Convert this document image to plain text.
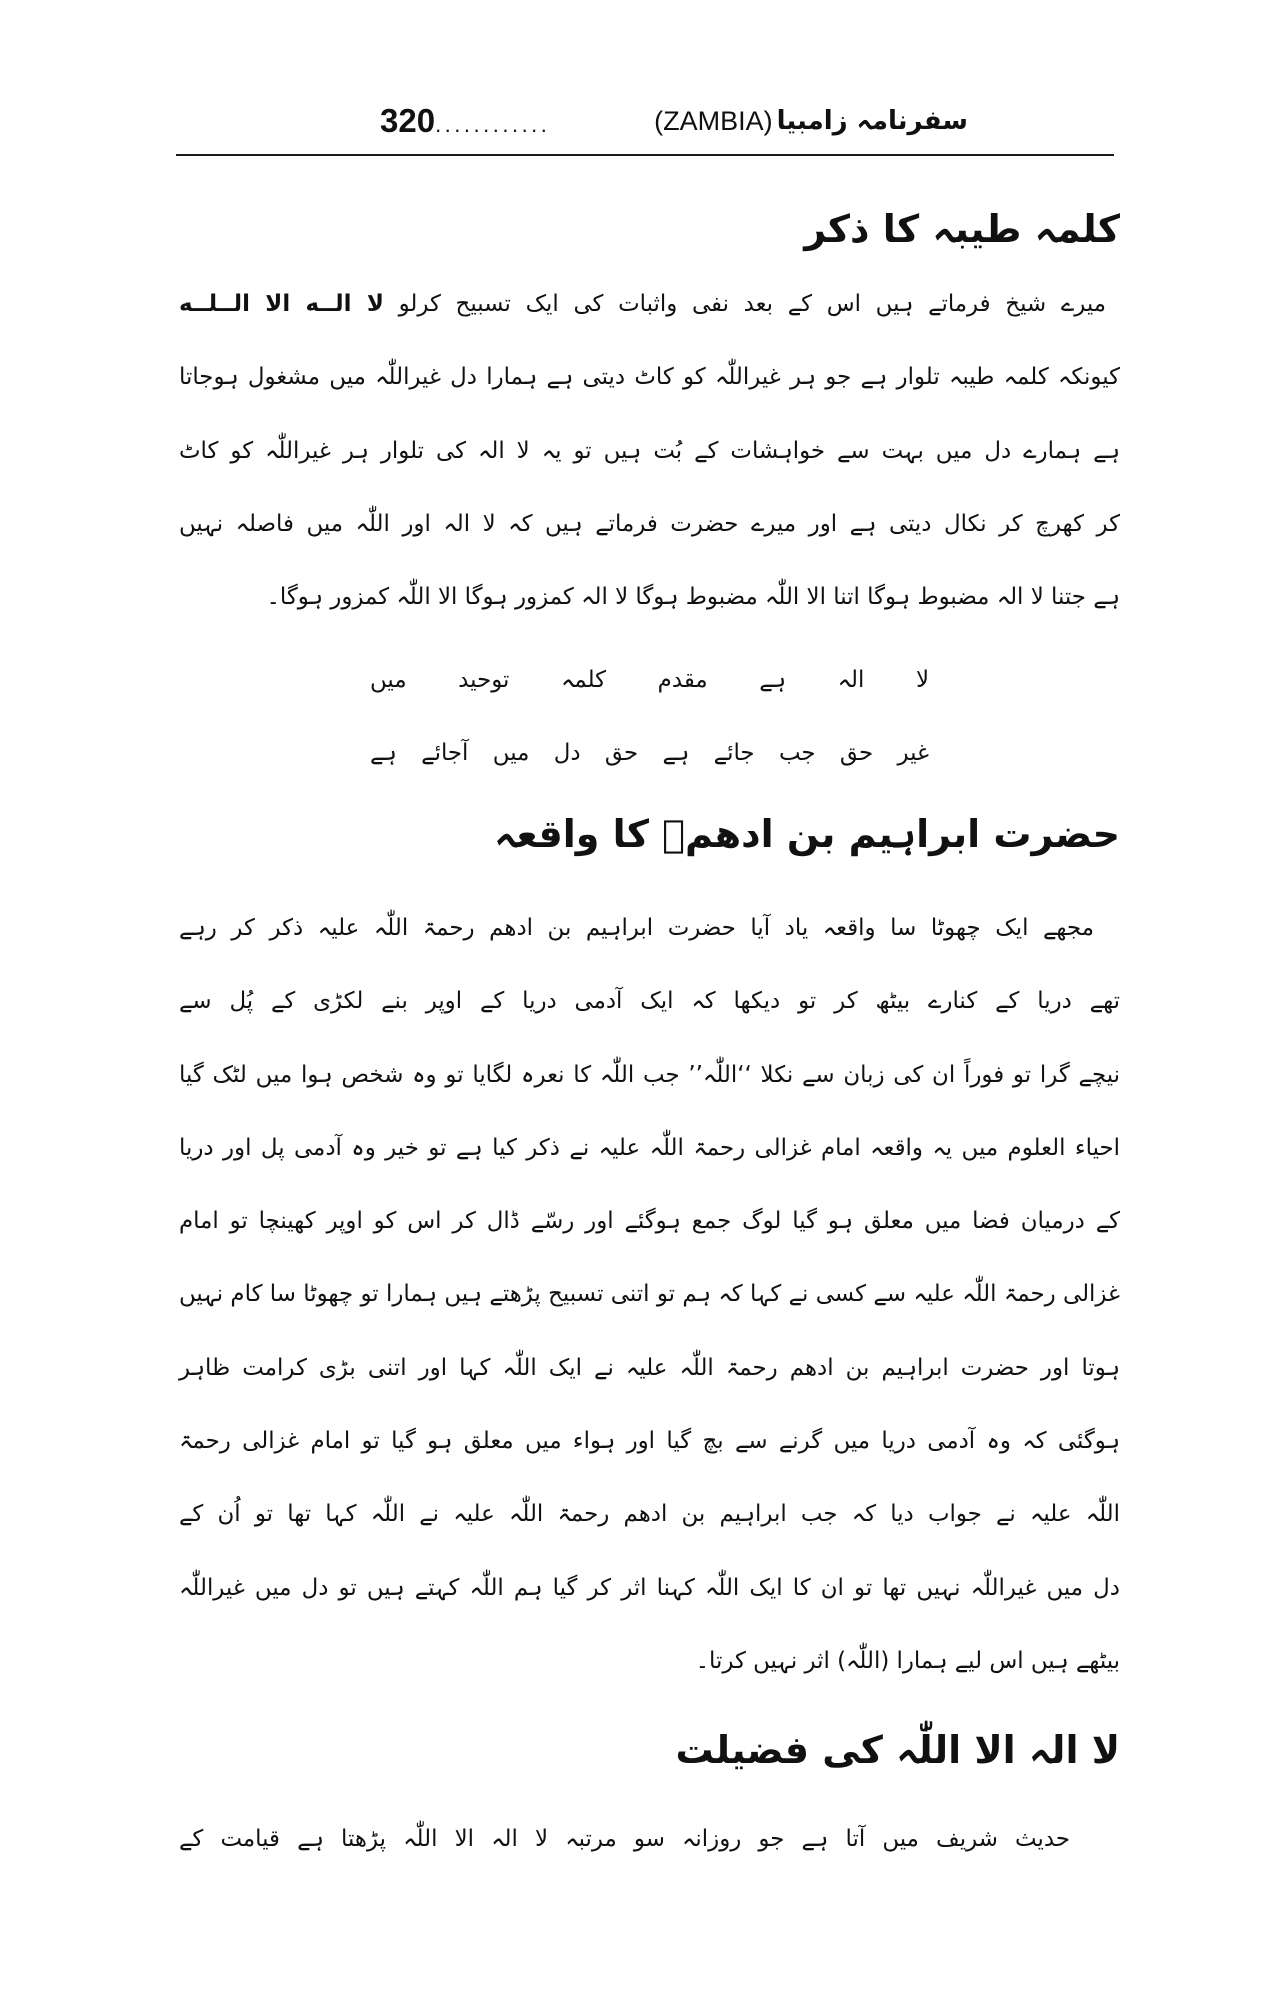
320............	(ZAMBIA) سفرنامہ زامبیا
کلمہ طیبہ کا ذکر
میرے شیخ فرماتے ہیں اس کے بعد نفی واثبات کی ایک تسبیح کرلو لا الــه الا الــلــه
کیونکہ کلمہ طیبہ تلوار ہے جو ہر غیراللّٰہ کو کاٹ دیتی ہے ہمارا دل غیراللّٰہ میں مشغول ہوجاتا
ہے ہمارے دل میں بہت سے خواہشات کے بُت ہیں تو یہ لا الہ کی تلوار ہر غیراللّٰہ کو کاٹ
کر کھرچ کر نکال دیتی ہے اور میرے حضرت فرماتے ہیں کہ لا الہ اور اللّٰہ میں فاصلہ نہیں
ہے جتنا لا الہ مضبوط ہوگا اتنا الا اللّٰہ مضبوط ہوگا لا الہ کمزور ہوگا الا اللّٰہ کمزور ہوگا۔
لا الہ ہے مقدم کلمہ توحید میں
غیر حق جب جائے ہے حق دل میں آجائے ہے
حضرت ابراہیم بن ادھمؒ کا واقعہ
مجھے ایک چھوٹا سا واقعہ یاد آیا حضرت ابراہیم بن ادھم رحمۃ اللّٰہ علیہ ذکر کر رہے
تھے دریا کے کنارے بیٹھ کر تو دیکھا کہ ایک آدمی دریا کے اوپر بنے لکڑی کے پُل سے
نیچے گرا تو فوراً ان کی زبان سے نکلا ‘‘اللّٰہ’’ جب اللّٰہ کا نعرہ لگایا تو وہ شخص ہوا میں لٹک گیا
احیاء العلوم میں یہ واقعہ امام غزالی رحمۃ اللّٰہ علیہ نے ذکر کیا ہے تو خیر وہ آدمی پل اور دریا
کے درمیان فضا میں معلق ہو گیا لوگ جمع ہوگئے اور رسّے ڈال کر اس کو اوپر کھینچا تو امام
غزالی رحمۃ اللّٰہ علیہ سے کسی نے کہا کہ ہم تو اتنی تسبیح پڑھتے ہیں ہمارا تو چھوٹا سا کام نہیں
ہوتا اور حضرت ابراہیم بن ادھم رحمۃ اللّٰہ علیہ نے ایک اللّٰہ کہا اور اتنی بڑی کرامت ظاہر
ہوگئی کہ وہ آدمی دریا میں گرنے سے بچ گیا اور ہواء میں معلق ہو گیا تو امام غزالی رحمۃ
اللّٰہ علیہ نے جواب دیا کہ جب ابراہیم بن ادھم رحمۃ اللّٰہ علیہ نے اللّٰہ کہا تھا تو اُن کے
دل میں غیراللّٰہ نہیں تھا تو ان کا ایک اللّٰہ کہنا اثر کر گیا ہم اللّٰہ کہتے ہیں تو دل میں غیراللّٰہ
بیٹھے ہیں اس لیے ہمارا (اللّٰہ) اثر نہیں کرتا۔
لا الہ الا اللّٰہ کی فضیلت
حدیث شریف میں آتا ہے جو روزانہ سو مرتبہ لا الہ الا اللّٰہ پڑھتا ہے قیامت کے
